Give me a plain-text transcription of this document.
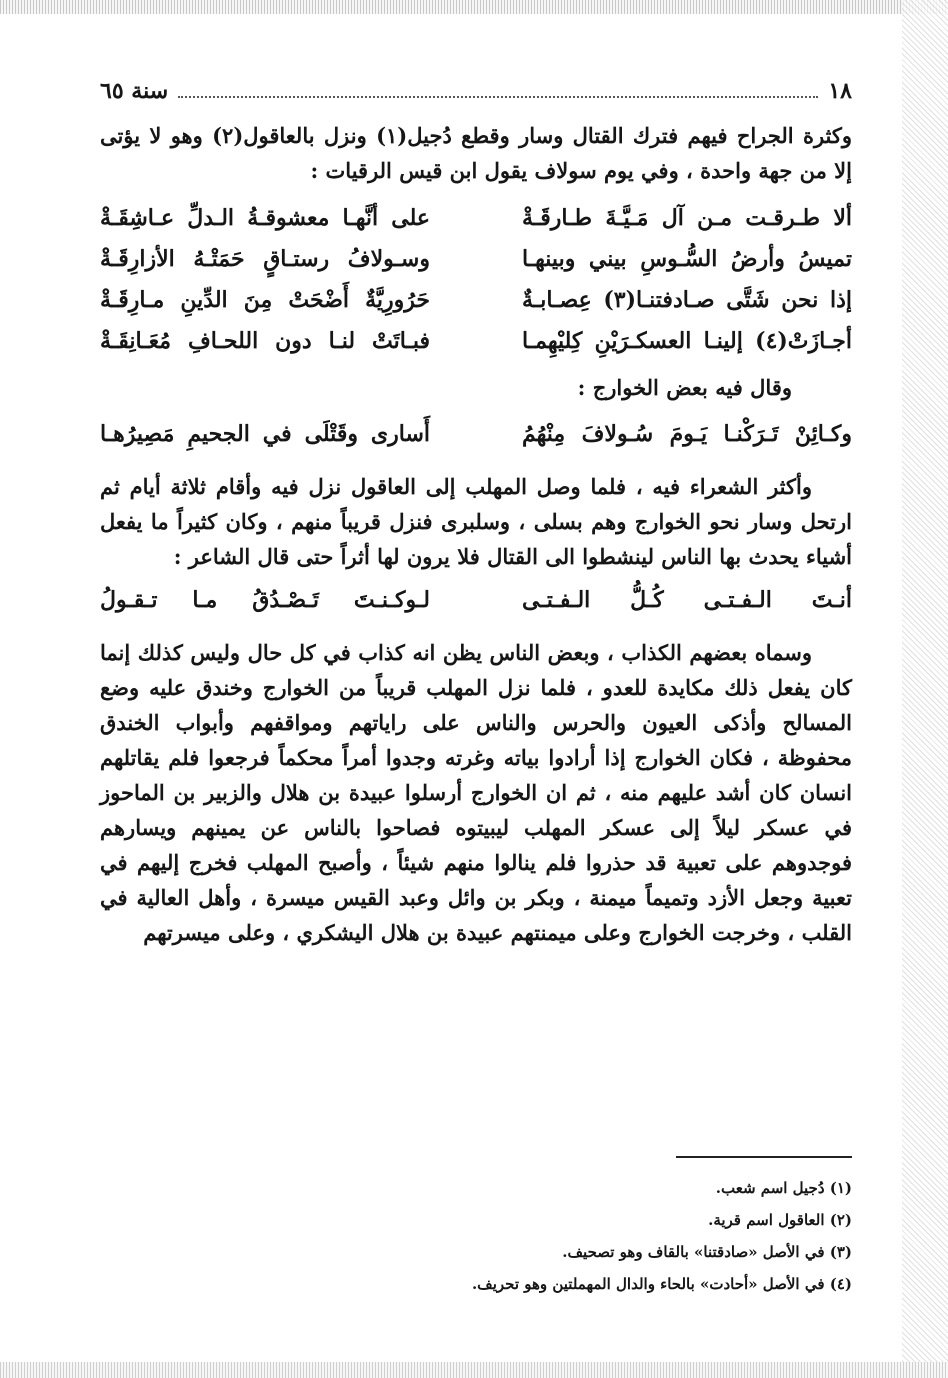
١٨
سنة ٦٥

وكثرة الجراح فيهم فترك القتال وسار وقطع دُجيل(١) ونزل بالعاقول(٢) وهو لا يؤتى إلا من جهة واحدة ، وفي يوم سولاف يقول ابن قيس الرقيات :

ألا طـرقـت مـن آل مَـيَّـةَ طـارقَـةْ
على أنَّهـا معشوقـةُ الـدلِّ عـاشِقَـةْ
تميسُ وأرضُ السُّـوسِ بيني وبينهـا
وسـولافُ رستـاقٍ حَمَتْـهُ الأزارِقَـةْ
إذا نحن شَتَّى صـادفتنـا(٣) عِصـابـةٌ
حَرُورِيَّةٌ أَضْحَتْ مِنَ الدِّينِ مـارِقَـةْ
أجـازَتْ(٤) إلينـا العسكـرَيْنِ كِليْهِمـا
فبـاتَتْ لنـا دون اللحـافِ مُعَـانِقَـةْ
وقال فيه بعض الخوارج :
وكـائِنْ تَـرَكْنـا يَـومَ سُـولافَ مِنْهُمُ
أَسارى وقَتْلَى في الجحيمِ مَصِيرُهـا

وأكثر الشعراء فيه ، فلما وصل المهلب إلى العاقول نزل فيه وأقام ثلاثة أيام ثم ارتحل وسار نحو الخوارج وهم بسلى ، وسلبرى فنزل قريباً منهم ، وكان كثيراً ما يفعل أشياء يحدث بها الناس لينشطوا الى القتال فلا يرون لها أثراً حتى قال الشاعر :

أنـتَ الـفـتـى كُـلُّ الـفـتـى
لـوكـنـتَ تَـصْـدُقُ مـا تـقـولُ

وسماه بعضهم الكذاب ، وبعض الناس يظن انه كذاب في كل حال وليس كذلك إنما كان يفعل ذلك مكايدة للعدو ، فلما نزل المهلب قريباً من الخوارج وخندق عليه وضع المسالح وأذكى العيون والحرس والناس على راياتهم ومواقفهم وأبواب الخندق محفوظة ، فكان الخوارج إذا أرادوا بياته وغرته وجدوا أمراً محكماً فرجعوا فلم يقاتلهم انسان كان أشد عليهم منه ، ثم ان الخوارج أرسلوا عبيدة بن هلال والزبير بن الماحوز في عسكر ليلاً إلى عسكر المهلب ليبيتوه فصاحوا بالناس عن يمينهم ويسارهم فوجدوهم على تعبية قد حذروا فلم ينالوا منهم شيئاً ، وأصبح المهلب فخرج إليهم في تعبية وجعل الأزد وتميماً ميمنة ، وبكر بن وائل وعبد القيس ميسرة ، وأهل العالية في القلب ، وخرجت الخوارج وعلى ميمنتهم عبيدة بن هلال اليشكري ، وعلى ميسرتهم

(١) دُجيل اسم شعب.
(٢) العاقول اسم قرية.
(٣) في الأصل «صادقتنا» بالقاف وهو تصحيف.
(٤) في الأصل «أحادت» بالحاء والدال المهملتين وهو تحريف.
